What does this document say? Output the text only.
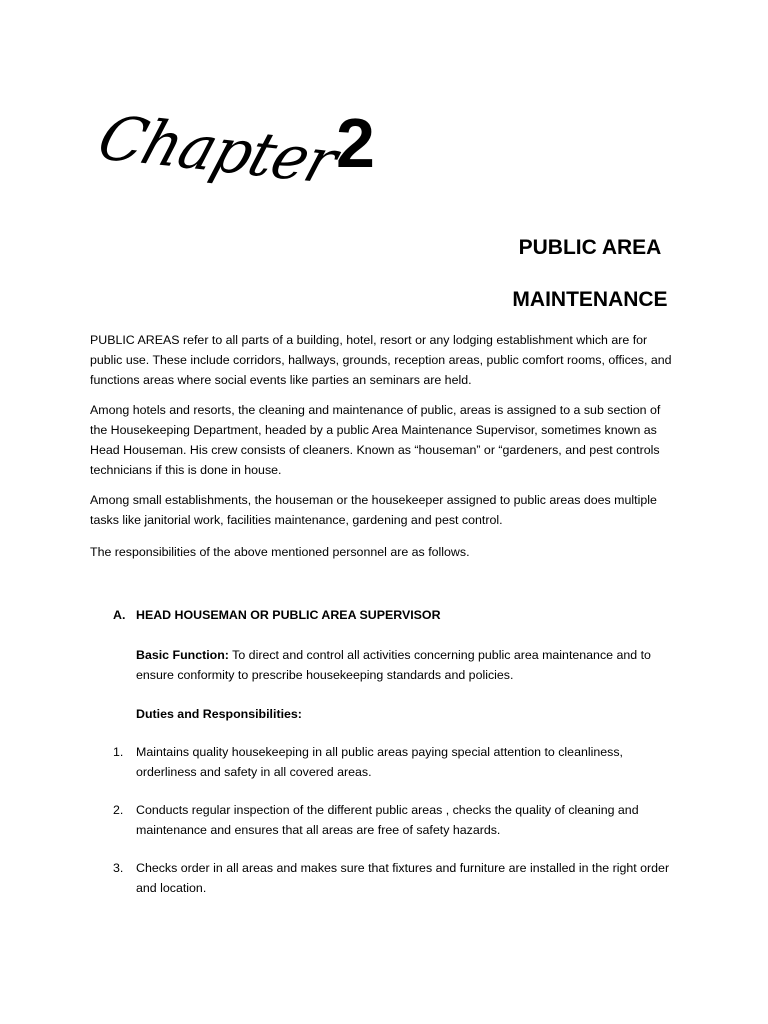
Chapter
2
PUBLIC AREA
MAINTENANCE
PUBLIC AREAS refer to all parts of a building, hotel, resort or any lodging establishment which are for public use. These include corridors, hallways, grounds, reception areas, public comfort rooms, offices, and functions areas where social events like parties an seminars are held.
Among hotels and resorts, the cleaning and maintenance of public, areas is assigned to a sub section of the Housekeeping Department, headed by a public Area Maintenance Supervisor, sometimes known as Head Houseman. His crew consists of cleaners. Known as “houseman” or “gardeners, and pest controls technicians if this is done in house.
Among small establishments, the houseman or the housekeeper assigned to public areas does multiple tasks like janitorial work, facilities maintenance, gardening and pest control.
The responsibilities of the above mentioned personnel are as follows.
A. HEAD HOUSEMAN OR PUBLIC AREA SUPERVISOR
Basic Function: To direct and control all activities concerning public area maintenance and to ensure conformity to prescribe housekeeping standards and policies.
Duties and Responsibilities:
1.	Maintains quality housekeeping in all public areas paying special attention to cleanliness, orderliness and safety in all covered areas.
2.	Conducts regular inspection of the different public areas , checks the quality of cleaning and maintenance and ensures that all areas are free of safety hazards.
3.	Checks order in all areas and makes sure that fixtures and furniture are installed in the right order and location.
